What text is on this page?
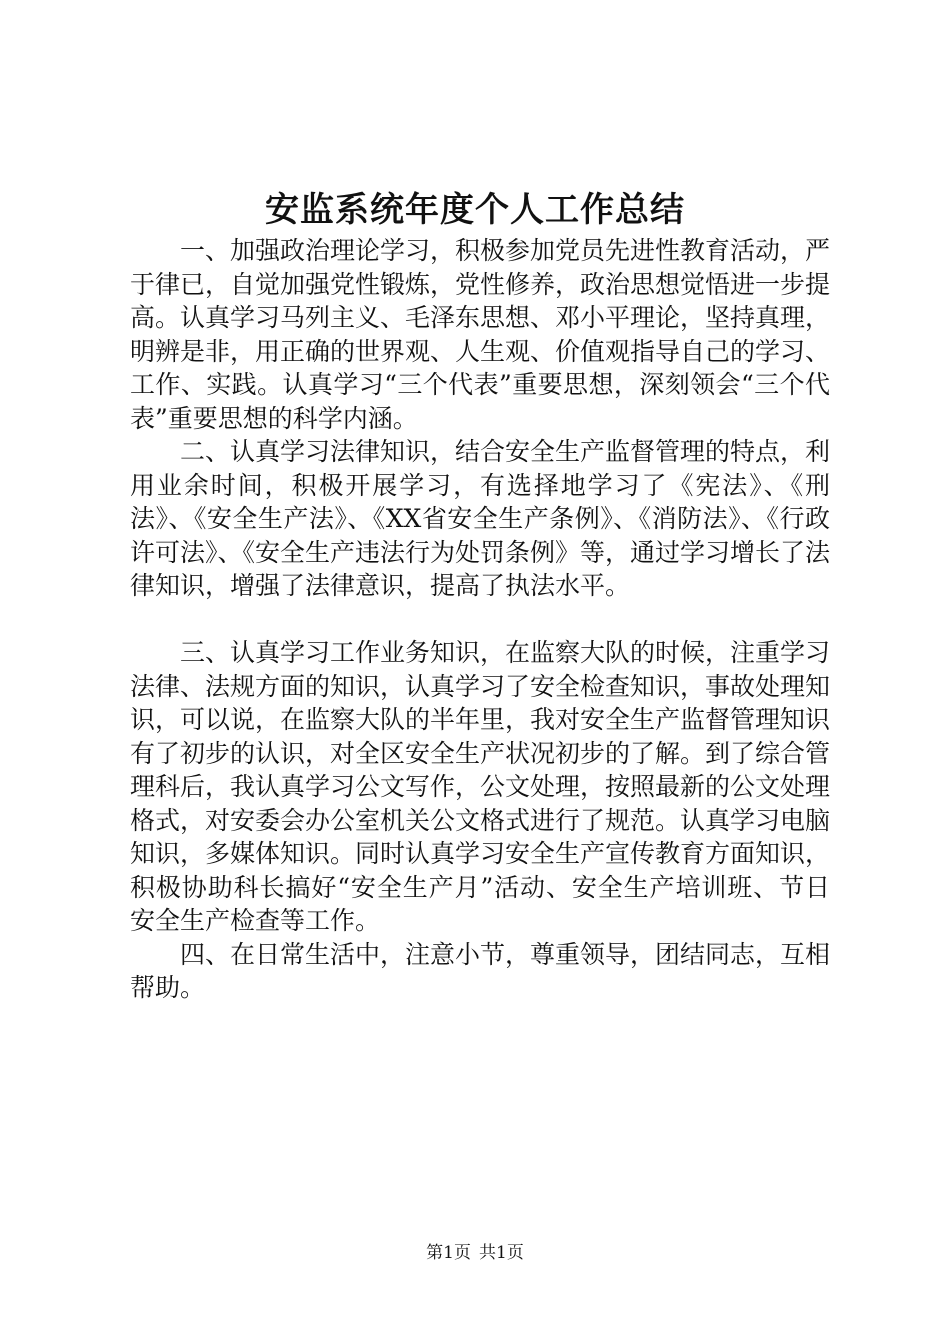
安监系统年度个人工作总结

一、加强政治理论学习，积极参加党员先进性教育活动，严于律已，自觉加强党性锻炼，党性修养，政治思想觉悟进一步提高。认真学习马列主义、毛泽东思想、邓小平理论，坚持真理，明辨是非，用正确的世界观、人生观、价值观指导自己的学习、工作、实践。认真学习“三个代表”重要思想，深刻领会“三个代表”重要思想的科学内涵。

二、认真学习法律知识，结合安全生产监督管理的特点，利用业余时间，积极开展学习，有选择地学习了《宪法》、《刑法》、《安全生产法》、《XX省安全生产条例》、《消防法》、《行政许可法》、《安全生产违法行为处罚条例》等，通过学习增长了法律知识，增强了法律意识，提高了执法水平。

三、认真学习工作业务知识，在监察大队的时候，注重学习法律、法规方面的知识，认真学习了安全检查知识，事故处理知识，可以说，在监察大队的半年里，我对安全生产监督管理知识有了初步的认识，对全区安全生产状况初步的了解。到了综合管理科后，我认真学习公文写作，公文处理，按照最新的公文处理格式，对安委会办公室机关公文格式进行了规范。认真学习电脑知识，多媒体知识。同时认真学习安全生产宣传教育方面知识，积极协助科长搞好“安全生产月”活动、安全生产培训班、节日安全生产检查等工作。

四、在日常生活中，注意小节，尊重领导，团结同志，互相帮助。

第1页 共1页
